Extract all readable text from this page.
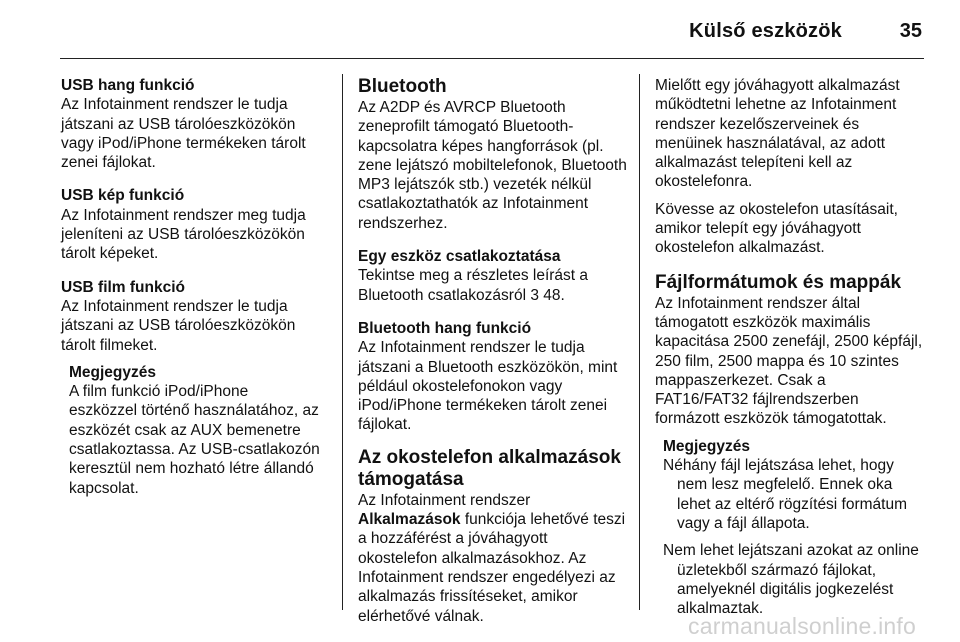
Külső eszközök	35
USB hang funkció

Az Infotainment rendszer le tudja játszani az USB tárolóeszközökön vagy iPod/iPhone termékeken tárolt zenei fájlokat.

USB kép funkció

Az Infotainment rendszer meg tudja jeleníteni az USB tárolóeszközökön tárolt képeket.

USB film funkció

Az Infotainment rendszer le tudja játszani az USB tárolóeszközökön tárolt filmeket.

Megjegyzés

A film funkció iPod/iPhone

eszközzel történő használatához, az eszközét csak az AUX bemenetre csatlakoztassa. Az USB-csatlakozón keresztül nem hozható létre állandó kapcsolat.

Bluetooth

Az A2DP és AVRCP Bluetooth zeneprofilt támogató Bluetooth-kapcsolatra képes hangforrások (pl. zene lejátszó mobiltelefonok, Bluetooth MP3 lejátszók stb.) vezeték nélkül csatlakoztathatók az Infotainment rendszerhez.

Egy eszköz csatlakoztatása

Tekintse meg a részletes leírást a Bluetooth csatlakozásról 3 48.

Bluetooth hang funkció

Az Infotainment rendszer le tudja játszani a Bluetooth eszközökön, mint például okostelefonokon vagy iPod/iPhone termékeken tárolt zenei fájlokat.

Az okostelefon alkalmazások támogatása

Az Infotainment rendszer Alkalmazások funkciója lehetővé teszi a hozzáférést a jóváhagyott okostelefon alkalmazásokhoz. Az Infotainment rendszer engedélyezi az alkalmazás frissítéseket, amikor elérhetővé válnak.

Mielőtt egy jóváhagyott alkalmazást működtetni lehetne az Infotainment rendszer kezelőszerveinek és menüinek használatával, az adott alkalmazást telepíteni kell az okostelefonra.

Kövesse az okostelefon utasításait, amikor telepít egy jóváhagyott okostelefon alkalmazást.

Fájlformátumok és mappák

Az Infotainment rendszer által támogatott eszközök maximális kapacitása 2500 zenefájl, 2500 képfájl, 250 film, 2500 mappa és 10 szintes mappaszerkezet. Csak a FAT16/FAT32 fájlrendszerben formázott eszközök támogatottak.

Megjegyzés

Néhány fájl lejátszása lehet, hogy nem lesz megfelelő. Ennek oka lehet az eltérő rögzítési formátum vagy a fájl állapota.

Nem lehet lejátszani azokat az online üzletekből származó fájlokat, amelyeknél digitális jogkezelést alkalmaztak.

carmanualsonline.info
